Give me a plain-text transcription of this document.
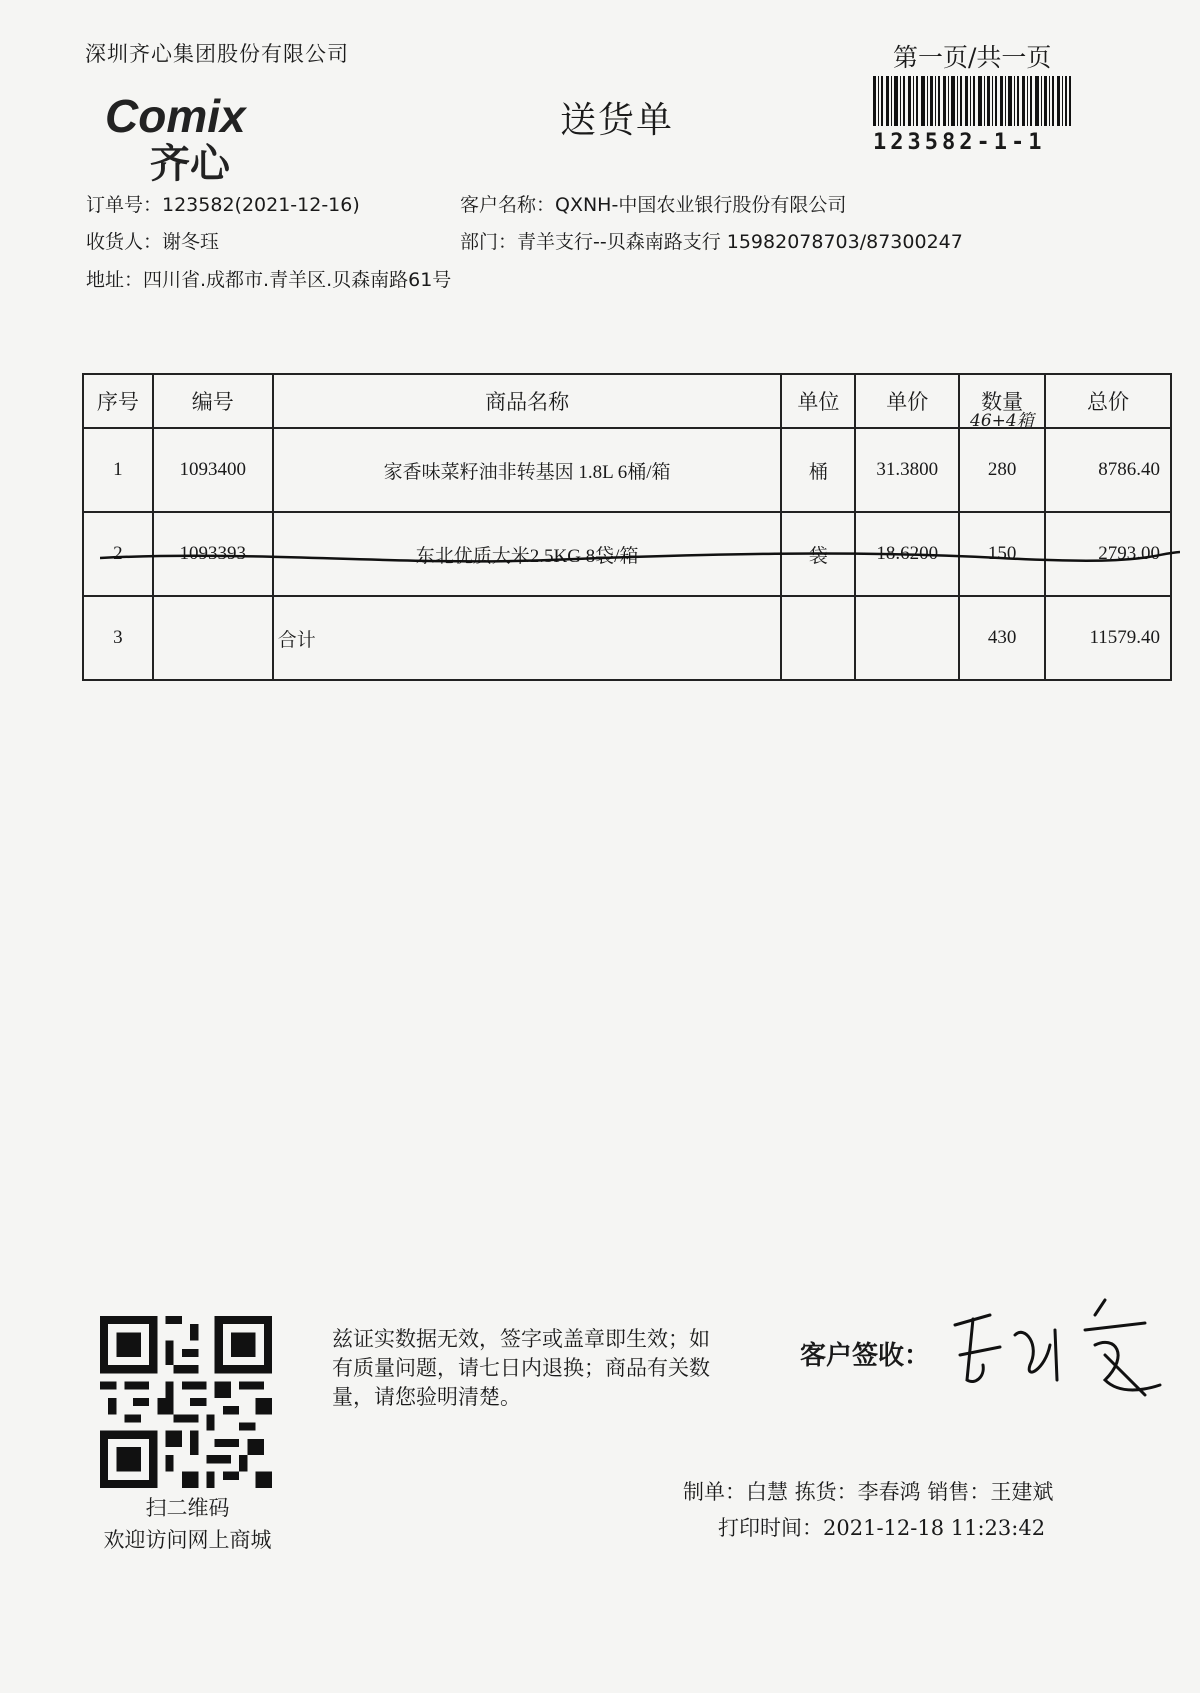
深圳齐心集团股份有限公司	第一页/共一页
Comix
齐心
送货单
123582-1-1
订单号：123582(2021-12-16)	客户名称：QXNH-中国农业银行股份有限公司
收货人：谢冬珏	部门：青羊支行--贝森南路支行 15982078703/87300247
地址：四川省.成都市.青羊区.贝森南路61号
序号	编号	商品名称	单位	单价	数量	总价
1	1093400	家香味菜籽油非转基因 1.8L 6桶/箱	桶	31.3800	280	8786.40
2	1093393	东北优质大米2.5KG 8袋/箱	袋	18.6200	150	2793.00
3		合计			430	11579.40
46+4箱
扫二维码
欢迎访问网上商城
兹证实数据无效，签字或盖章即生效；如有质量问题，请七日内退换；商品有关数量，请您验明清楚。
客户签收：
制单：白慧 拣货：李春鸿 销售：王建斌
打印时间：2021-12-18 11:23:42
